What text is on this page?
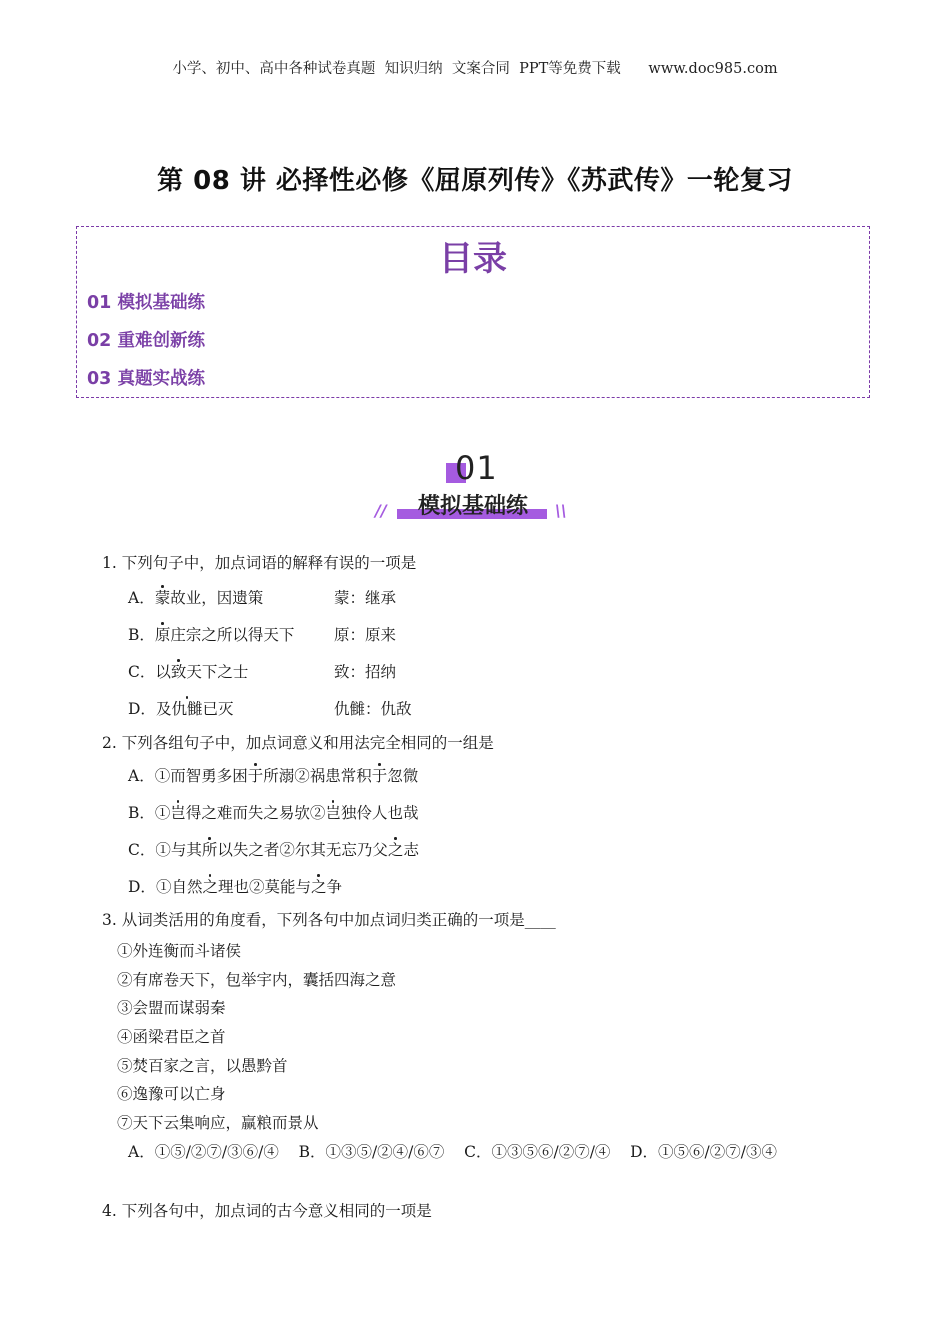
小学、初中、高中各种试卷真题  知识归纳  文案合同  PPT等免费下载 www.doc985.com
第 08 讲 必择性必修《屈原列传》《苏武传》一轮复习
目录
01 模拟基础练
02 重难创新练
03 真题实战练
01
//	模拟基础练	\\
1. 下列句子中，加点词语的解释有误的一项是
A．蒙故业，因遗策	蒙：继承
B．原庄宗之所以得天下	原：原来
C．以致天下之士	致：招纳
D．及仇雠已灭	仇雠：仇敌
2. 下列各组句子中，加点词意义和用法完全相同的一组是
A．①而智勇多困于所溺②祸患常积于忽微
B．①岂得之难而失之易欤②岂独伶人也哉
C．①与其所以失之者②尔其无忘乃父之志
D．①自然之理也②莫能与之争
3. 从词类活用的角度看，下列各句中加点词归类正确的一项是____
①外连衡而斗诸侯
②有席卷天下，包举宇内，囊括四海之意
③会盟而谋弱秦
④函梁君臣之首
⑤焚百家之言，以愚黔首
⑥逸豫可以亡身
⑦天下云集响应，赢粮而景从
A．①⑤/②⑦/③⑥/④    B．①③⑤/②④/⑥⑦    C．①③⑤⑥/②⑦/④    D．①⑤⑥/②⑦/③④
4. 下列各句中，加点词的古今意义相同的一项是
